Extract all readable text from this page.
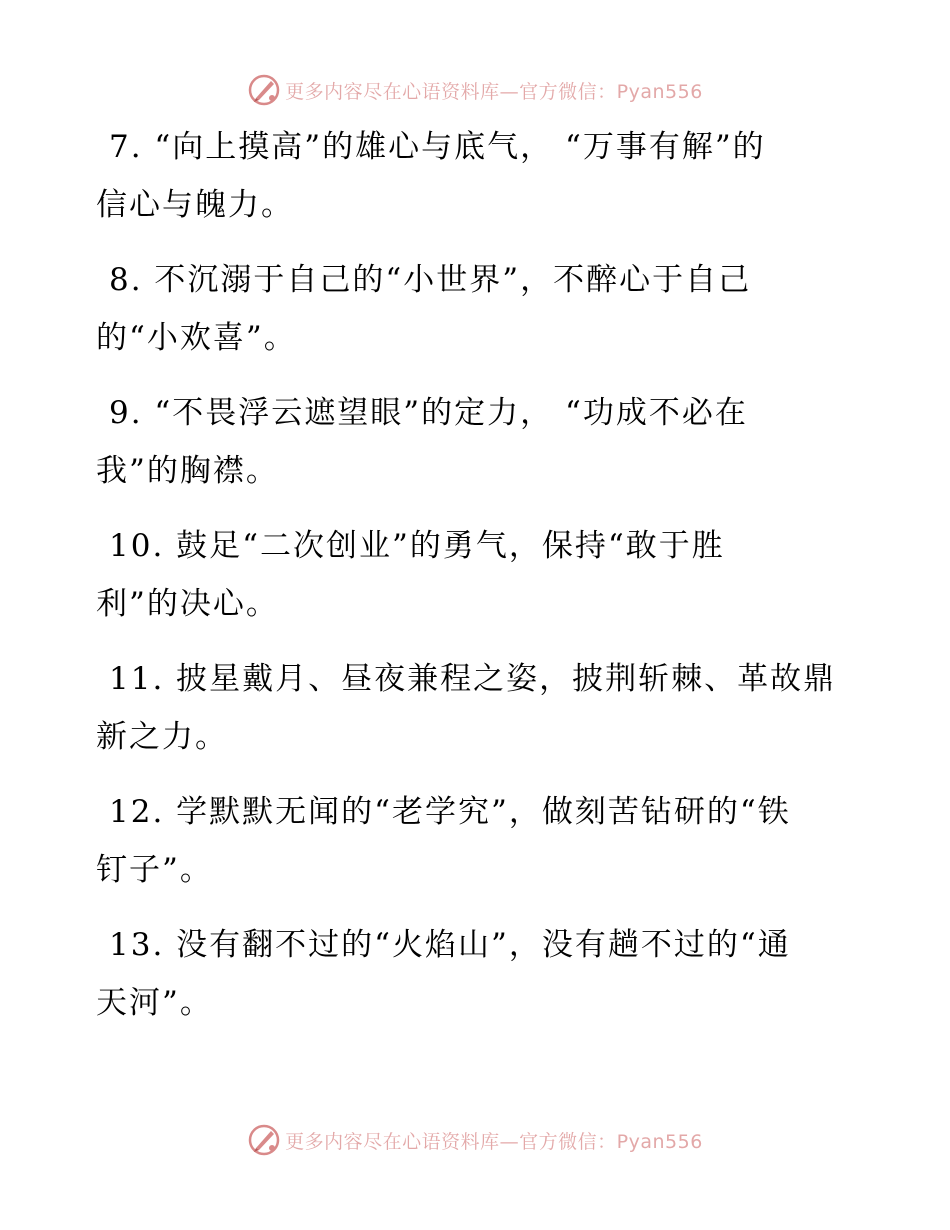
更多内容尽在心语资料库—官方微信：Pyan556
7. “向上摸高”的雄心与底气， “万事有解”的
信心与魄力。
8. 不沉溺于自己的“小世界”，不醉心于自己
的“小欢喜”。
9. “不畏浮云遮望眼”的定力， “功成不必在
我”的胸襟。
10. 鼓足“二次创业”的勇气，保持“敢于胜
利”的决心。
11. 披星戴月、昼夜兼程之姿，披荆斩棘、革故鼎
新之力。
12. 学默默无闻的“老学究”，做刻苦钻研的“铁
钉子”。
13. 没有翻不过的“火焰山”，没有趟不过的“通
天河”。
更多内容尽在心语资料库—官方微信：Pyan556
